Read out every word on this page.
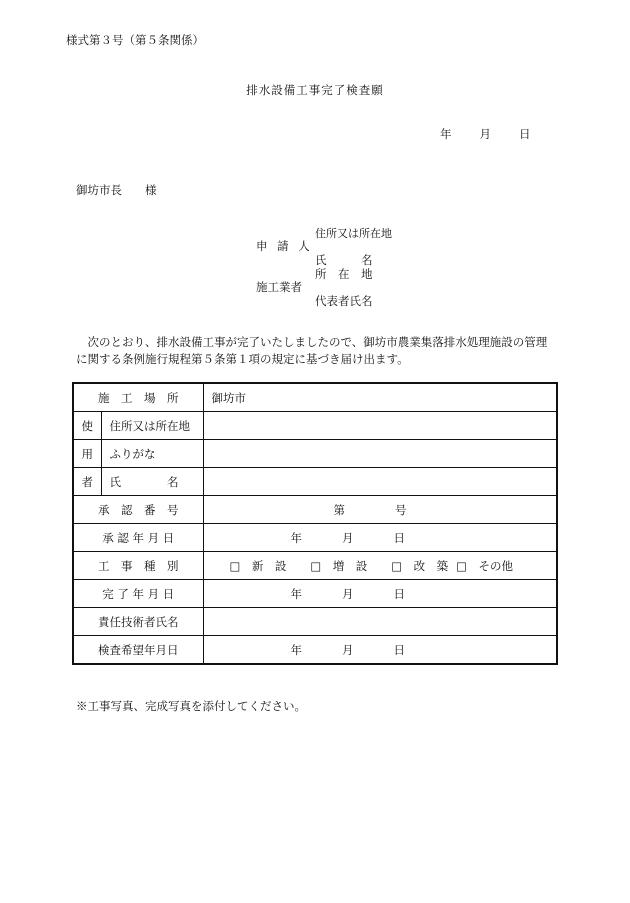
様式第３号（第５条関係）
排水設備工事完了検査願
年 月 日
御坊市長　　様
住所又は所在地
申 請 人
氏　　　名
所　在　地
施工業者
代表者氏名
次のとおり、排水設備工事が完了いたしましたので、御坊市農業集落排水処理施設の管理に関する条例施行規程第５条第１項の規定に基づき届け出ます。
施　工　場　所		御坊市
使	住所又は所在地	
用	ふりがな	
者	氏　　　　名	
承　認　番　号		第 号
承 認 年 月 日		年 月 日
工　事　種　別		□　新　設 □　増　設 □　改　築 □　その他
完 了 年 月 日		年 月 日
責任技術者氏名		
検査希望年月日		年 月 日
※工事写真、完成写真を添付してください。
